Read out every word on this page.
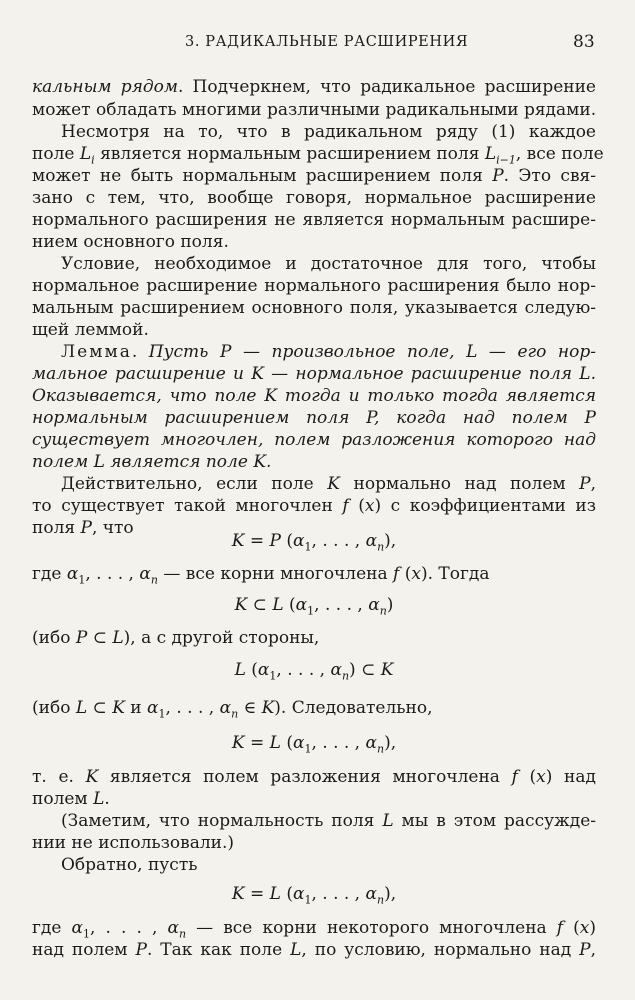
3. РАДИКАЛЬНЫЕ РАСШИРЕНИЯ	83
кальным рядом. Подчеркнем, что радикальное расширение
может обладать многими различными радикальными рядами.
Несмотря на то, что в радикальном ряду (1) каждое
поле $L_i$ является нормальным расширением поля $L_{i-1}$, все поле
может не быть нормальным расширением поля P. Это свя-
зано с тем, что, вообще говоря, нормальное расширение
нормального расширения не является нормальным расшире-
нием основного поля.
Условие, необходимое и достаточное для того, чтобы
нормальное расширение нормального расширения было нор-
мальным расширением основного поля, указывается следую-
щей леммой.
Лемма. Пусть P — произвольное поле, L — его нор-
мальное расширение и K — нормальное расширение поля L.
Оказывается, что поле K тогда и только тогда является
нормальным расширением поля P, когда над полем P
существует многочлен, полем разложения которого над
полем L является поле K.
Действительно, если поле K нормально над полем P,
то существует такой многочлен f (x) с коэффициентами из
поля P, что
K = P ($\alpha_1$, . . . , $\alpha_n$),
где $\alpha_1$, . . . , $\alpha_n$ — все корни многочлена f (x). Тогда
K ⊂ L ($\alpha_1$, . . . , $\alpha_n$)
(ибо P ⊂ L), а с другой стороны,
L ($\alpha_1$, . . . , $\alpha_n$) ⊂ K
(ибо L ⊂ K и $\alpha_1$, . . . , $\alpha_n$ ∈ K). Следовательно,
K = L ($\alpha_1$, . . . , $\alpha_n$),
т. е. K является полем разложения многочлена f (x) над
полем L.
(Заметим, что нормальность поля L мы в этом рассужде-
нии не использовали.)
Обратно, пусть
K = L ($\alpha_1$, . . . , $\alpha_n$),
где $\alpha_1$, . . . , $\alpha_n$ — все корни некоторого многочлена f (x)
над полем P. Так как поле L, по условию, нормально над P,
